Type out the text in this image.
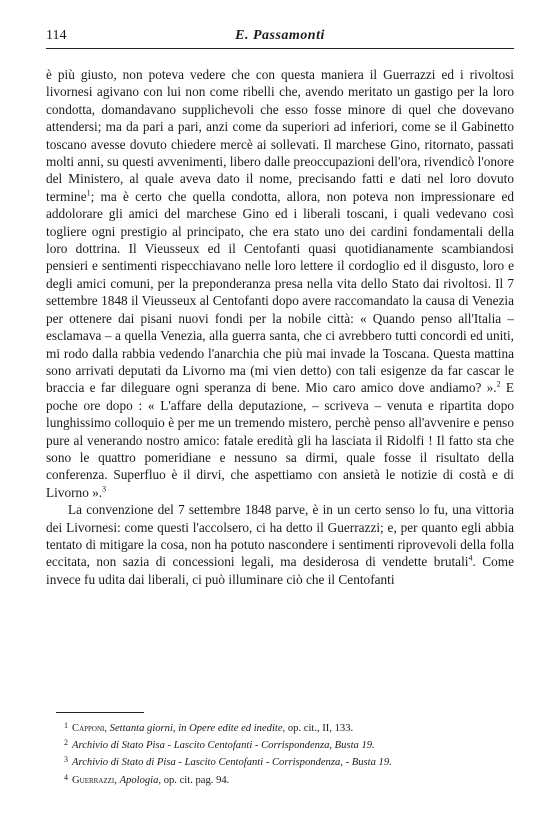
114	E. Passamonti

è più giusto, non poteva vedere che con questa maniera il Guerrazzi ed i rivoltosi livornesi agivano con lui non come ribelli che, avendo meritato un gastigo per la loro condotta, domandavano supplichevoli che esso fosse minore di quel che dovevano attendersi; ma da pari a pari, anzi come da superiori ad inferiori, come se il Gabinetto toscano avesse dovuto chiedere mercè ai sollevati. Il marchese Gino, ritornato, passati molti anni, su questi avvenimenti, libero dalle preoccupazioni dell'ora, rivendicò l'onore del Ministero, al quale aveva dato il nome, precisando fatti e dati nel loro dovuto termine$^1$; ma è certo che quella condotta, allora, non poteva non impressionare ed addolorare gli amici del marchese Gino ed i liberali toscani, i quali vedevano così togliere ogni prestigio al principato, che era stato uno dei cardini fondamentali della loro dottrina. Il Vieusseux ed il Centofanti quasi quotidianamente scambiandosi pensieri e sentimenti rispecchiavano nelle loro lettere il cordoglio ed il disgusto, loro e degli amici comuni, per la preponderanza presa nella vita dello Stato dai rivoltosi. Il 7 settembre 1848 il Vieusseux al Centofanti dopo avere raccomandato la causa di Venezia per ottenere dai pisani nuovi fondi per la nobile città: « Quando penso all'Italia – esclamava – a quella Venezia, alla guerra santa, che ci avrebbero tutti concordi ed uniti, mi rodo dalla rabbia vedendo l'anarchia che più mai invade la Toscana. Questa mattina sono arrivati deputati da Livorno ma (mi vien detto) con tali esigenze da far cascar le braccia e far dileguare ogni speranza di bene. Mio caro amico dove andiamo? ».$^2$ E poche ore dopo : « L'affare della deputazione, – scriveva – venuta e ripartita dopo lunghissimo colloquio è per me un tremendo mistero, perchè penso all'avvenire e penso pure al venerando nostro amico: fatale eredità gli ha lasciata il Ridolfi ! Il fatto sta che sono le quattro pomeridiane e nessuno sa dirmi, quale fosse il risultato della conferenza. Superfluo è il dirvi, che aspettiamo con ansietà le notizie di costà e di Livorno ».$^3$

La convenzione del 7 settembre 1848 parve, è in un certo senso lo fu, una vittoria dei Livornesi: come questi l'accolsero, ci ha detto il Guerrazzi; e, per quanto egli abbia tentato di mitigare la cosa, non ha potuto nascondere i sentimenti riprovevoli della folla eccitata, non sazia di concessioni legali, ma desiderosa di vendette brutali$^4$. Come invece fu udita dai liberali, ci può illuminare ciò che il Centofanti

$^1$ Capponi, Settanta giorni, in Opere edite ed inedite, op. cit., II, 133.
$^2$ Archivio di Stato Pisa - Lascito Centofanti - Corrispondenza, Busta 19.
$^3$ Archivio di Stato di Pisa - Lascito Centofanti - Corrispondenza, - Busta 19.
$^4$ Guerrazzi, Apologia, op. cit. pag. 94.
